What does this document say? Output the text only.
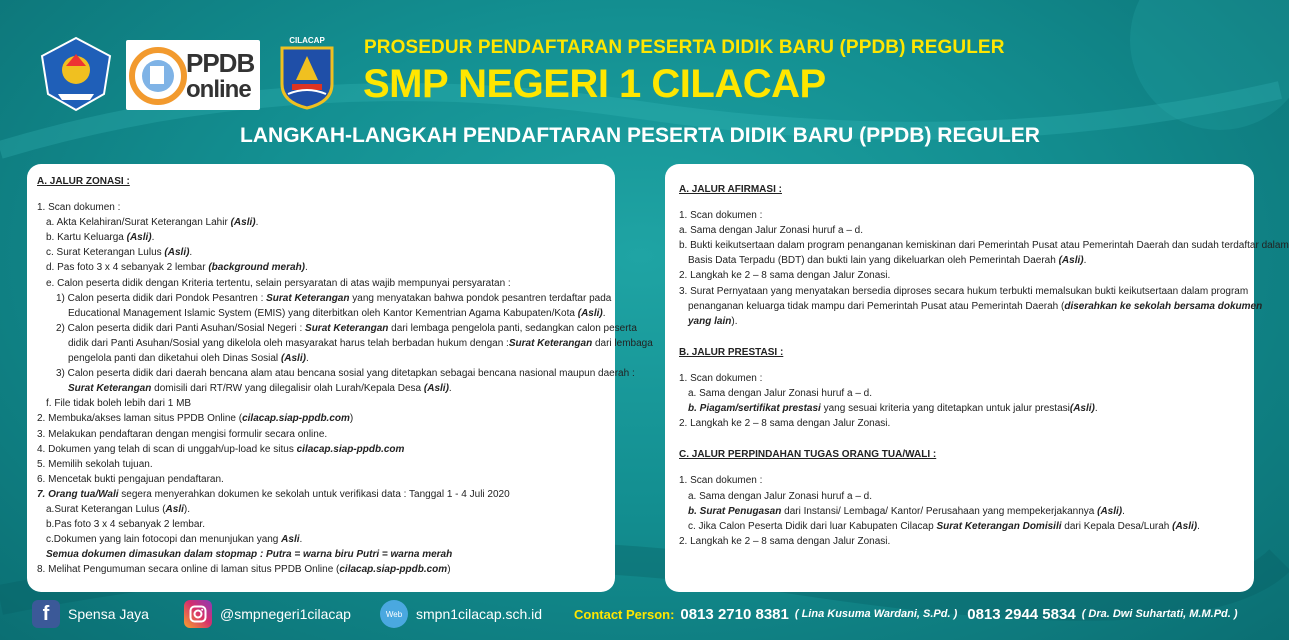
PPDB
online
CILACAP	PROSEDUR PENDAFTARAN PESERTA DIDIK BARU (PPDB) REGULER
SMP NEGERI 1 CILACAP
LANGKAH-LANGKAH PENDAFTARAN PESERTA DIDIK BARU (PPDB) REGULER
A. JALUR ZONASI :
1. Scan dokumen :
a. Akta Kelahiran/Surat Keterangan Lahir (Asli).
b. Kartu Keluarga (Asli).
c. Surat Keterangan Lulus (Asli).
d. Pas foto 3 x 4 sebanyak 2 lembar (background merah).
e. Calon peserta didik dengan Kriteria tertentu, selain persyaratan di atas wajib mempunyai persyaratan :
1) Calon peserta didik dari Pondok Pesantren : Surat Keterangan yang menyatakan bahwa pondok pesantren terdaftar pada
Educational Management Islamic System (EMIS) yang diterbitkan oleh Kantor Kementrian Agama Kabupaten/Kota (Asli).
2) Calon peserta didik dari Panti Asuhan/Sosial Negeri : Surat Keterangan dari lembaga pengelola panti, sedangkan calon peserta
didik dari Panti Asuhan/Sosial yang dikelola oleh masyarakat harus telah berbadan hukum dengan :Surat Keterangan dari lembaga
pengelola panti dan diketahui oleh Dinas Sosial (Asli).
3) Calon peserta didik dari daerah bencana alam atau bencana sosial yang ditetapkan sebagai bencana nasional maupun daerah :
Surat Keterangan domisili dari RT/RW yang dilegalisir olah Lurah/Kepala Desa (Asli).
f. File tidak boleh lebih dari 1 MB
2. Membuka/akses laman situs PPDB Online (cilacap.siap-ppdb.com)
3. Melakukan pendaftaran dengan mengisi formulir secara online.
4. Dokumen yang telah di scan di unggah/up-load ke situs cilacap.siap-ppdb.com
5. Memilih sekolah tujuan.
6. Mencetak bukti pengajuan pendaftaran.
7. Orang tua/Wali segera menyerahkan dokumen ke sekolah untuk verifikasi data : Tanggal 1 - 4 Juli 2020
a.Surat Keterangan Lulus (Asli).
b.Pas foto 3 x 4 sebanyak 2 lembar.
c.Dokumen yang lain fotocopi dan menunjukan yang Asli.
Semua dokumen dimasukan dalam stopmap : Putra = warna biru Putri = warna merah
8. Melihat Pengumuman secara online di laman situs PPDB Online (cilacap.siap-ppdb.com)
A. JALUR AFIRMASI :
1. Scan dokumen :
a. Sama dengan Jalur Zonasi huruf a – d.
b. Bukti keikutsertaan dalam program penanganan kemiskinan dari Pemerintah Pusat atau Pemerintah Daerah dan sudah terdaftar dalam
Basis Data Terpadu (BDT) dan bukti lain yang dikeluarkan oleh Pemerintah Daerah (Asli).
2. Langkah ke 2 – 8 sama dengan Jalur Zonasi.
3. Surat Pernyataan yang menyatakan bersedia diproses secara hukum terbukti memalsukan bukti keikutsertaan dalam program
penanganan keluarga tidak mampu dari Pemerintah Pusat atau Pemerintah Daerah (diserahkan ke sekolah bersama dokumen
yang lain).
B. JALUR PRESTASI :
1. Scan dokumen :
a. Sama dengan Jalur Zonasi huruf a – d.
b. Piagam/sertifikat prestasi yang sesuai kriteria yang ditetapkan untuk jalur prestasi(Asli).
2. Langkah ke 2 – 8 sama dengan Jalur Zonasi.
C. JALUR PERPINDAHAN TUGAS ORANG TUA/WALI :
1. Scan dokumen :
a. Sama dengan Jalur Zonasi huruf a – d.
b. Surat Penugasan dari Instansi/ Lembaga/ Kantor/ Perusahaan yang mempekerjakannya (Asli).
c. Jika Calon Peserta Didik dari luar Kabupaten Cilacap Surat Keterangan Domisili dari Kepala Desa/Lurah (Asli).
2. Langkah ke 2 – 8 sama dengan Jalur Zonasi.
f	Spensa Jaya	@smpnegeri1cilacap	Web smpn1cilacap.sch.id Contact Person: 0813 2710 8381 ( Lina Kusuma Wardani, S.Pd. ) 0813 2944 5834 ( Dra. Dwi Suhartati, M.M.Pd. )
